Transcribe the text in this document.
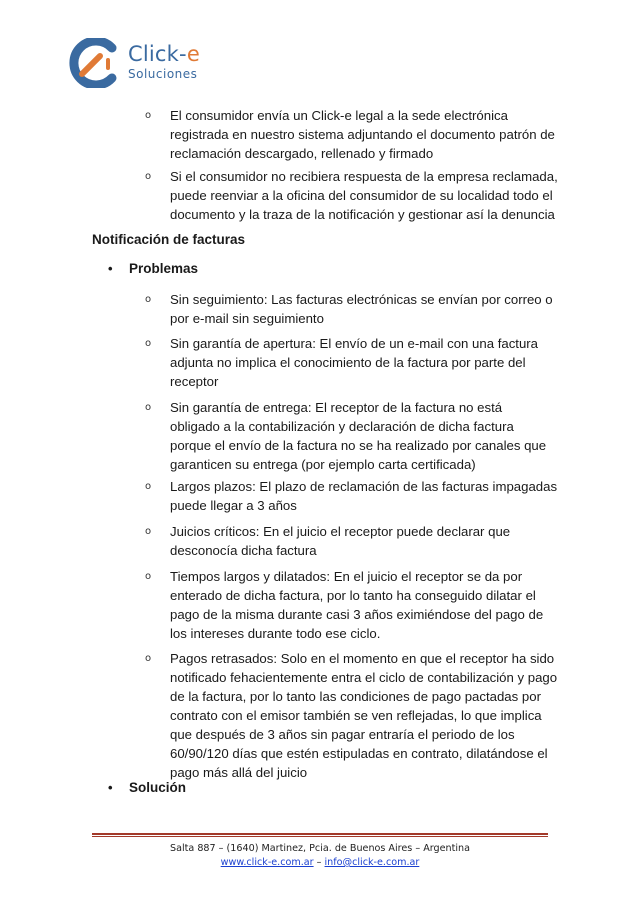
Click-e
Soluciones
o El consumidor envía un Click-e legal a la sede electrónica
registrada en nuestro sistema adjuntando el documento patrón de
reclamación descargado, rellenado y firmado
o Si el consumidor no recibiera respuesta de la empresa reclamada,
puede reenviar a la oficina del consumidor de su localidad todo el
documento y la traza de la notificación y gestionar así la denuncia
Notificación de facturas
• Problemas
o Sin seguimiento: Las facturas electrónicas se envían por correo o
por e-mail sin seguimiento
o Sin garantía de apertura: El envío de un e-mail con una factura
adjunta no implica el conocimiento de la factura por parte del
receptor
o Sin garantía de entrega: El receptor de la factura no está
obligado a la contabilización y declaración de dicha factura
porque el envío de la factura no se ha realizado por canales que
garanticen su entrega (por ejemplo carta certificada)
o Largos plazos: El plazo de reclamación de las facturas impagadas
puede llegar a 3 años
o Juicios críticos: En el juicio el receptor puede declarar que
desconocía dicha factura
o Tiempos largos y dilatados: En el juicio el receptor se da por
enterado de dicha factura, por lo tanto ha conseguido dilatar el
pago de la misma durante casi 3 años eximiéndose del pago de
los intereses durante todo ese ciclo.
o Pagos retrasados: Solo en el momento en que el receptor ha sido
notificado fehacientemente entra el ciclo de contabilización y pago
de la factura, por lo tanto las condiciones de pago pactadas por
contrato con el emisor también se ven reflejadas, lo que implica
que después de 3 años sin pagar entraría el periodo de los
60/90/120 días que estén estipuladas en contrato, dilatándose el
pago más allá del juicio
• Solución
Salta 887 – (1640) Martinez, Pcia. de Buenos Aires – Argentina
www.click-e.com.ar – info@click-e.com.ar
